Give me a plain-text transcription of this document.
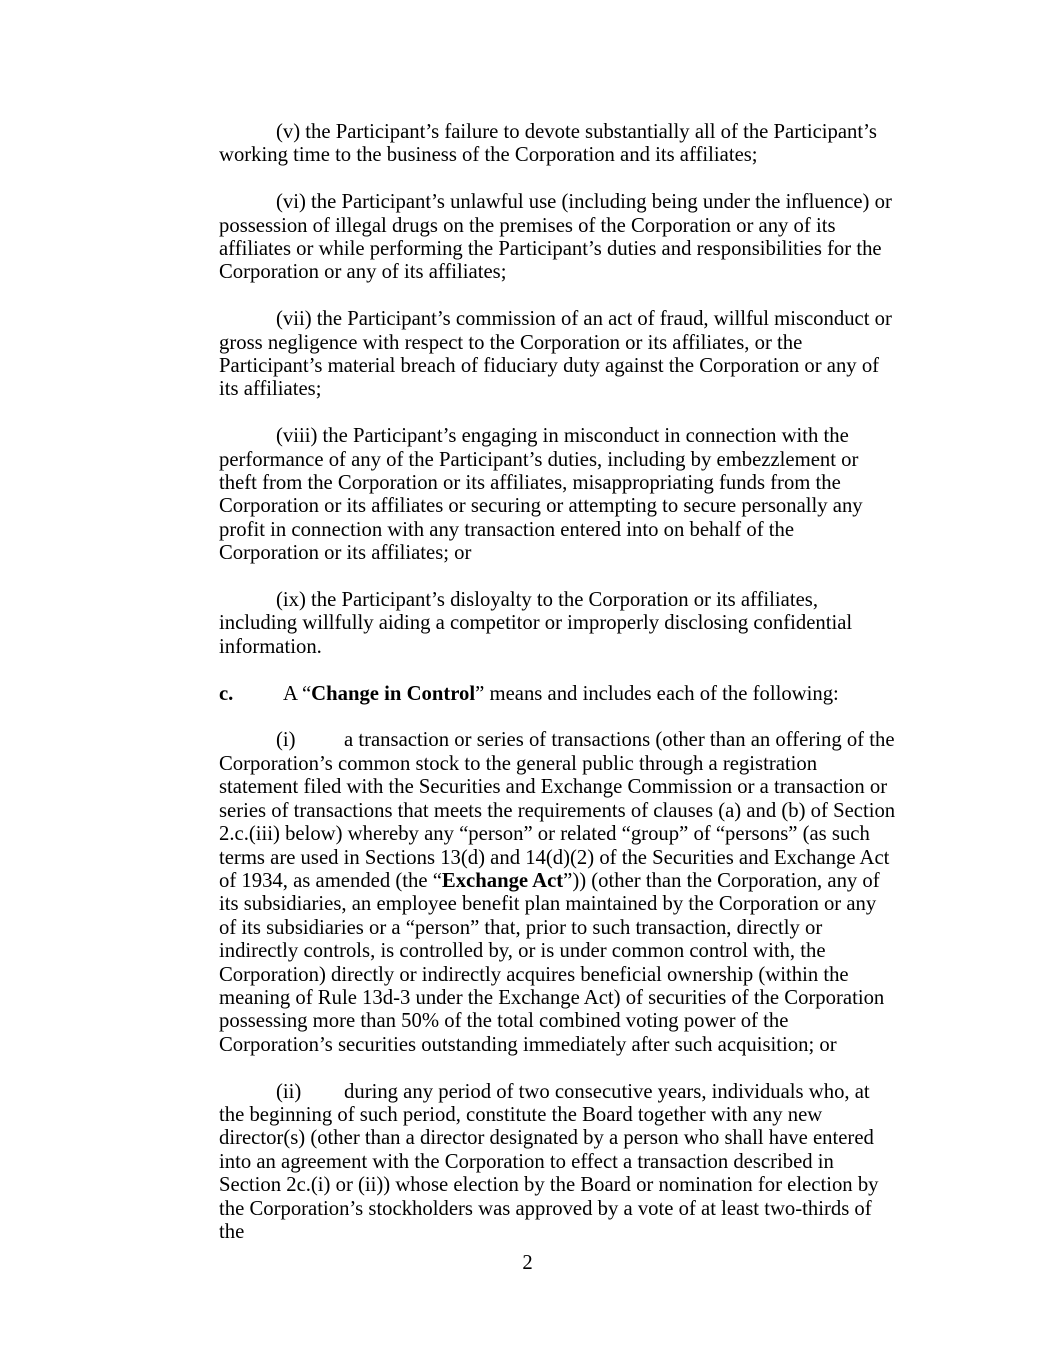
(v) the Participant’s failure to devote substantially all of the Participant’s working time to the business of the Corporation and its affiliates;

(vi) the Participant’s unlawful use (including being under the influence) or possession of illegal drugs on the premises of the Corporation or any of its affiliates or while performing the Participant’s duties and responsibilities for the Corporation or any of its affiliates;

(vii) the Participant’s commission of an act of fraud, willful misconduct or gross negligence with respect to the Corporation or its affiliates, or the Participant’s material breach of fiduciary duty against the Corporation or any of its affiliates;

(viii) the Participant’s engaging in misconduct in connection with the performance of any of the Participant’s duties, including by embezzlement or theft from the Corporation or its affiliates, misappropriating funds from the Corporation or its affiliates or securing or attempting to secure personally any profit in connection with any transaction entered into on behalf of the Corporation or its affiliates; or

(ix) the Participant’s disloyalty to the Corporation or its affiliates, including willfully aiding a competitor or improperly disclosing confidential information.

c. A “Change in Control” means and includes each of the following:

(i) a transaction or series of transactions (other than an offering of the Corporation’s common stock to the general public through a registration statement filed with the Securities and Exchange Commission or a transaction or series of transactions that meets the requirements of clauses (a) and (b) of Section 2.c.(iii) below) whereby any “person” or related “group” of “persons” (as such terms are used in Sections 13(d) and 14(d)(2) of the Securities and Exchange Act of 1934, as amended (the “Exchange Act”)) (other than the Corporation, any of its subsidiaries, an employee benefit plan maintained by the Corporation or any of its subsidiaries or a “person” that, prior to such transaction, directly or indirectly controls, is controlled by, or is under common control with, the Corporation) directly or indirectly acquires beneficial ownership (within the meaning of Rule 13d-3 under the Exchange Act) of securities of the Corporation possessing more than 50% of the total combined voting power of the Corporation’s securities outstanding immediately after such acquisition; or

(ii) during any period of two consecutive years, individuals who, at the beginning of such period, constitute the Board together with any new director(s) (other than a director designated by a person who shall have entered into an agreement with the Corporation to effect a transaction described in Section 2c.(i) or (ii)) whose election by the Board or nomination for election by the Corporation’s stockholders was approved by a vote of at least two-thirds of the

2
